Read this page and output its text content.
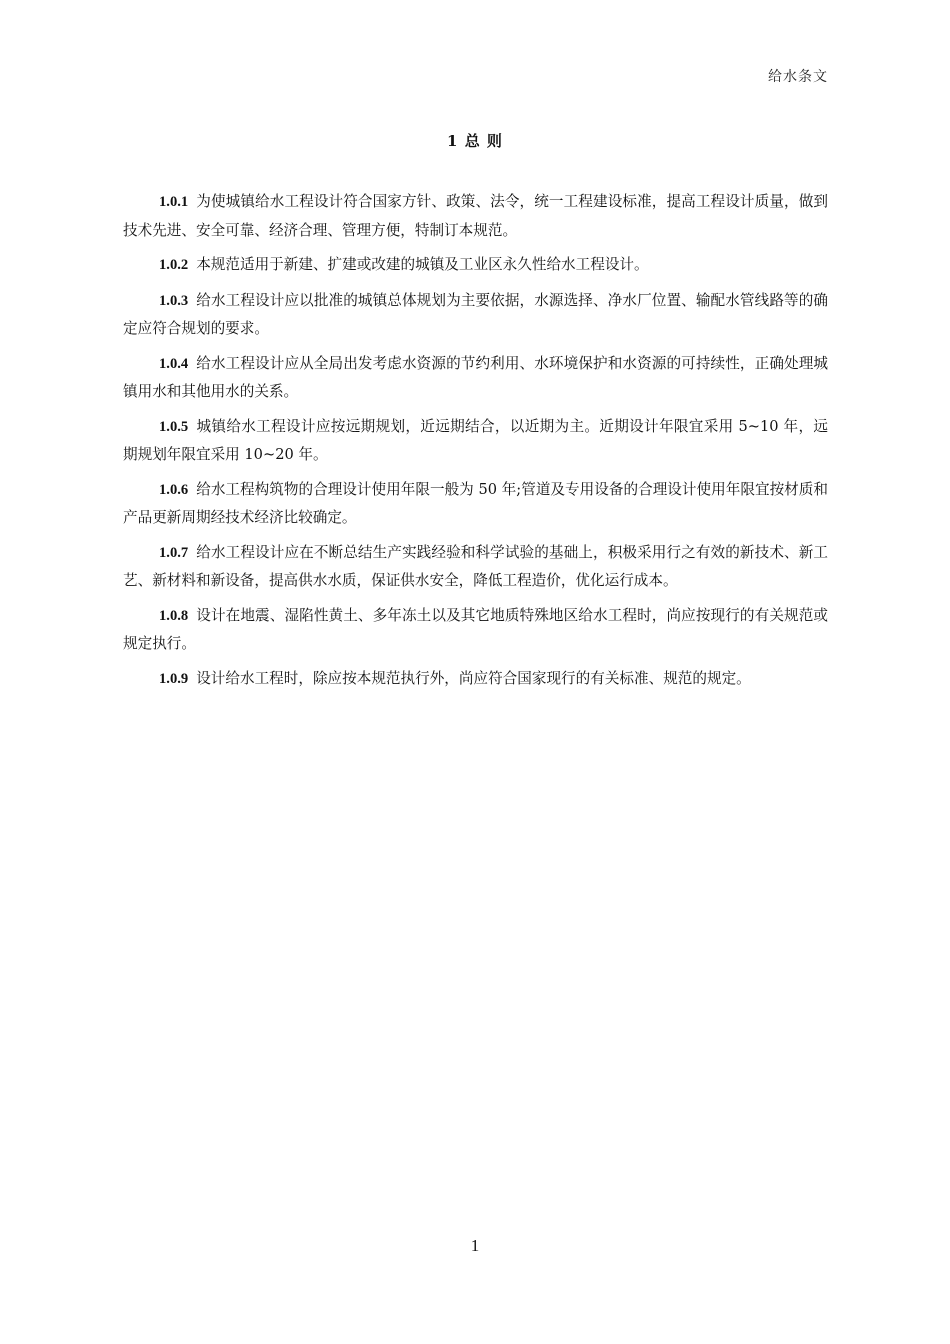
给水条文
1 总 则

1.0.1 为使城镇给水工程设计符合国家方针、政策、法令，统一工程建设标准，提高工程设计质量，做到技术先进、安全可靠、经济合理、管理方便，特制订本规范。

1.0.2 本规范适用于新建、扩建或改建的城镇及工业区永久性给水工程设计。

1.0.3 给水工程设计应以批准的城镇总体规划为主要依据，水源选择、净水厂位置、输配水管线路等的确定应符合规划的要求。

1.0.4 给水工程设计应从全局出发考虑水资源的节约利用、水环境保护和水资源的可持续性，正确处理城镇用水和其他用水的关系。

1.0.5 城镇给水工程设计应按远期规划，近远期结合，以近期为主。近期设计年限宜采用 5~10 年，远期规划年限宜采用 10~20 年。

1.0.6 给水工程构筑物的合理设计使用年限一般为 50 年;管道及专用设备的合理设计使用年限宜按材质和产品更新周期经技术经济比较确定。

1.0.7 给水工程设计应在不断总结生产实践经验和科学试验的基础上，积极采用行之有效的新技术、新工艺、新材料和新设备，提高供水水质，保证供水安全，降低工程造价，优化运行成本。

1.0.8 设计在地震、湿陷性黄土、多年冻土以及其它地质特殊地区给水工程时，尚应按现行的有关规范或规定执行。

1.0.9 设计给水工程时，除应按本规范执行外，尚应符合国家现行的有关标准、规范的规定。

1
